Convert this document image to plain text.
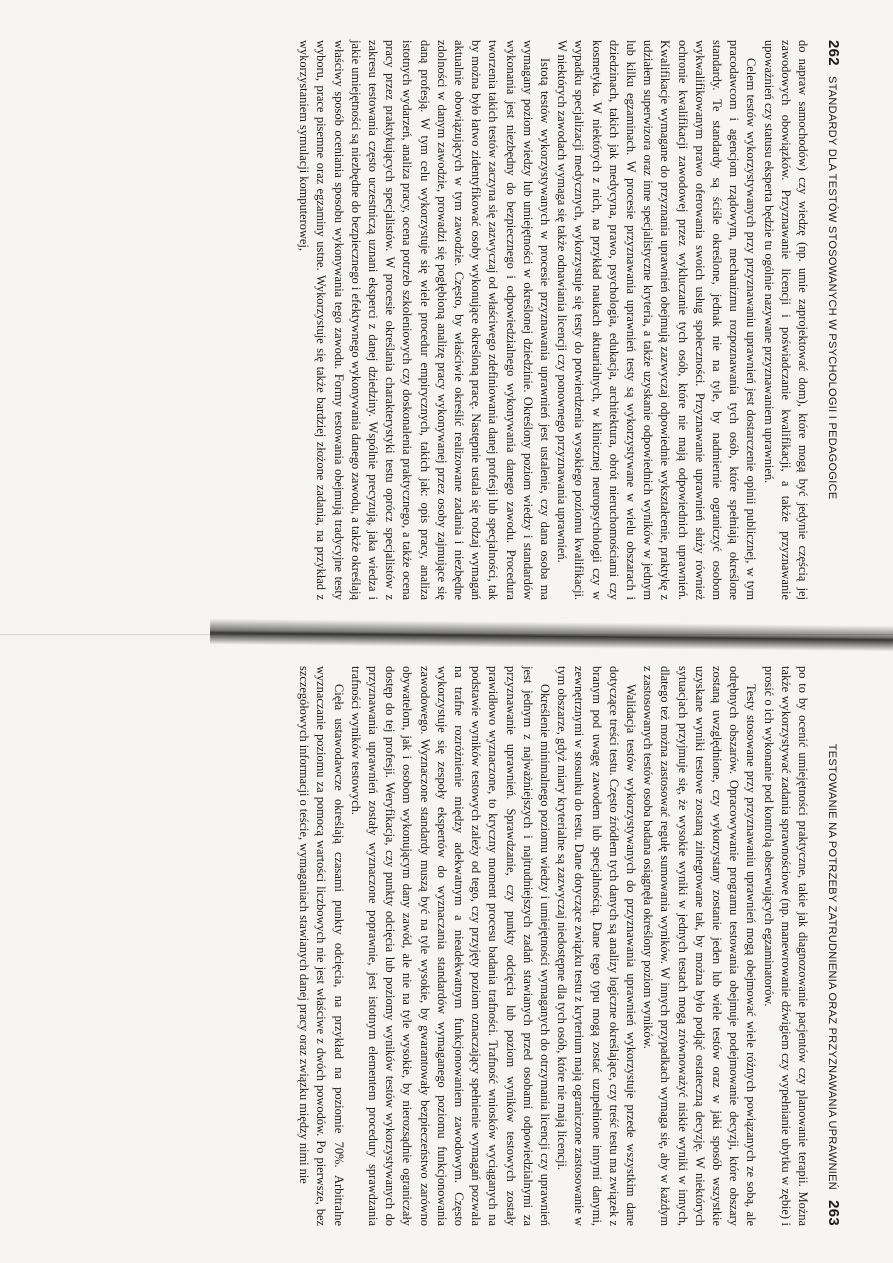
262
STANDARDY DLA TESTÓW STOSOWANYCH W PSYCHOLOGII I PEDAGOGICE

do napraw samochodów) czy wiedzę (np. umie zaprojektować dom), które mogą być jedynie częścią jej zawodowych obowiązków. Przyznawanie licencji i poświadczanie kwalifikacji, a także przyznawanie upoważnień czy statusu eksperta będzie tu ogólnie nazywane przyznawaniem uprawnień.

Celem testów wykorzystywanych przy przyznawaniu uprawnień jest dostarczenie opinii publicznej, w tym pracodawcom i agencjom rządowym, mechanizmu rozpoznawania tych osób, które spełniają określone standardy. Te standardy są ściśle określone, jednak nie na tyle, by nadmiernie ograniczyć osobom wykwalifikowanym prawo oferowania swoich usług społeczności. Przyznawanie uprawnień służy również ochronie kwalifikacji zawodowej przez wykluczanie tych osób, które nie mają odpowiednich uprawnień. Kwalifikacje wymagane do przyznania uprawnień obejmują zazwyczaj odpowiednie wykształcenie, praktykę z udziałem superwizora oraz inne specjalistyczne kryteria, a także uzyskanie odpowiednich wyników w jednym lub kilku egzaminach. W procesie przyznawania uprawnień testy są wykorzystywane w wielu obszarach i dziedzinach, takich jak medycyna, prawo, psychologia, edukacja, architektura, obrót nieruchomościami czy kosmetyka. W niektórych z nich, na przykład naukach aktuarialnych, w klinicznej neuropsychologii czy w wypadku specjalizacji medycznych, wykorzystuje się testy do potwierdzenia wysokiego poziomu kwalifikacji. W niektórych zawodach wymaga się także odnawiania licencji czy ponownego przyznawania uprawnień.

Istotą testów wykorzystywanych w procesie przyznawania uprawnień jest ustalenie, czy dana osoba ma wymagany poziom wiedzy lub umiejętności w określonej dziedzinie. Określony poziom wiedzy i standardów wykonania jest niezbędny do bezpiecznego i odpowiedzialnego wykonywania danego zawodu. Procedura tworzenia takich testów zaczyna się zazwyczaj od właściwego zdefiniowania danej profesji lub specjalności, tak by można było łatwo zidentyfikować osoby wykonujące określoną pracę. Następnie ustala się rodzaj wymagań aktualnie obowiązujących w tym zawodzie. Często, by właściwie określić realizowane zadania i niezbędne zdolności w danym zawodzie, prowadzi się pogłębioną analizę pracy wykonywanej przez osoby zajmujące się daną profesją. W tym celu wykorzystuje się wiele procedur empirycznych, takich jak: opis pracy, analiza istotnych wydarzeń, analiza pracy, ocena potrzeb szkoleniowych czy doskonalenia praktycznego, a także ocena pracy przez praktykujących specjalistów. W procesie określania charakterystyki testu oprócz specjalistów z zakresu testowania często uczestniczą uznani eksperci z danej dziedziny. Wspólnie precyzują, jaka wiedza i jakie umiejętności są niezbędne do bezpiecznego i efektywnego wykonywania danego zawodu, a także określają właściwy sposób oceniania sposobu wykonywania tego zawodu. Formy testowania obejmują tradycyjne testy wyboru, prace pisemne oraz egzaminy ustne. Wykorzystuje się także bardziej złożone zadania, na przykład z wykorzystaniem symulacji komputerowej,

TESTOWANIE NA POTRZEBY ZATRUDNIENIA ORAZ PRZYZNAWANIA UPRAWNIEŃ
263

po to by ocenić umiejętności praktyczne, takie jak diagnozowanie pacjentów czy planowanie terapii. Można także wykorzystywać zadania sprawnościowe (np. manewrowanie dźwigiem czy wypełnianie ubytku w zębie) i prosić o ich wykonanie pod kontrolą obserwujących egzaminatorów.

Testy stosowane przy przyznawaniu uprawnień mogą obejmować wiele różnych powiązanych ze sobą, ale odrębnych obszarów. Opracowywanie programu testowania obejmuje podejmowanie decyzji, które obszary zostaną uwzględnione, czy wykorzystany zostanie jeden lub wiele testów oraz w jaki sposób wszystkie uzyskane wyniki testowe zostaną zintegrowane tak, by można było podjąć ostateczną decyzję. W niektórych sytuacjach przyjmuje się, że wysokie wyniki w jednych testach mogą zrównoważyć niskie wyniki w innych, dlatego też można zastosować regułę sumowania wyników. W innych przypadkach wymaga się, aby w każdym z zastosowanych testów osoba badana osiągnęła określony poziom wyników.

Walidacja testów wykorzystywanych do przyznawania uprawnień wykorzystuje przede wszystkim dane dotyczące treści testu. Często źródłem tych danych są analizy logiczne określające, czy treść testu ma związek z branym pod uwagę zawodem lub specjalnością. Dane tego typu mogą zostać uzupełnione innymi danymi, zewnętrznymi w stosunku do testu. Dane dotyczące związku testu z kryterium mają ograniczone zastosowanie w tym obszarze, gdyż miary kryterialne są zazwyczaj niedostępne dla tych osób, które nie mają licencji.

Określenie minimalnego poziomu wiedzy i umiejętności wymaganych do otrzymania licencji czy uprawnień jest jednym z najważniejszych i najtrudniejszych zadań stawianych przed osobami odpowiedzialnymi za przyznawanie uprawnień. Sprawdzanie, czy punkty odcięcia lub poziom wyników testowych zostały prawidłowo wyznaczone, to kryczny moment procesu badania trafności. Trafność wniosków wyciąganych na podstawie wyników testowych zależy od tego, czy przyjęty poziom oznaczający spełnienie wymagań pozwala na trafne rozróżnienie między adekwatnym a nieadekwatnym funkcjonowaniem zawodowym. Często wykorzystuje się zespoły ekspertów do wyznaczania standardów wymaganego poziomu funkcjonowania zawodowego. Wyznaczone standardy muszą być na tyle wysokie, by gwarantowały bezpieczeństwo zarówno obywatelom, jak i osobom wykonującym dany zawód, ale nie na tyle wysokie, by nierozsądnie ograniczały dostęp do tej profesji. Weryfikacja, czy punkty odcięcia lub poziomy wyników testów wykorzystywanych do przyznawania uprawnień zostały wyznaczone poprawnie, jest istotnym elementem procedury sprawdzania trafności wyników testowych.

Cięła ustawodawcze określają czasami punkty odcięcia, na przykład na poziomie 70%. Arbitralne wyznaczanie poziomu za pomocą wartości liczbowych nie jest właściwe z dwóch powodów. Po pierwsze, bez szczegółowych informacji o teście, wymaganiach stawianych danej pracy oraz związku między nimi nie
